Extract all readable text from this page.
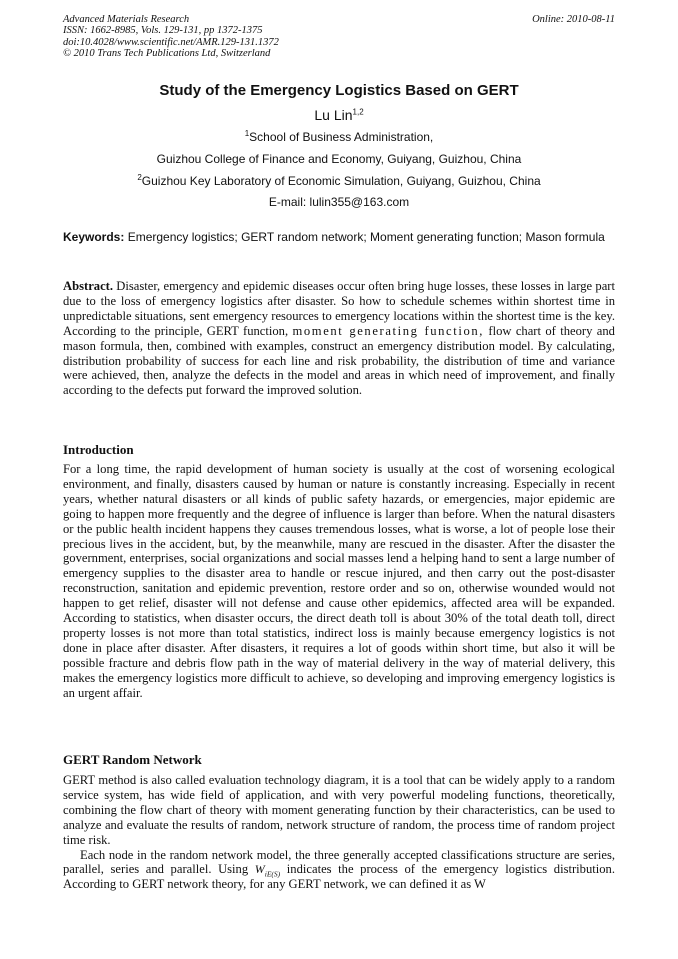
Advanced Materials Research
ISSN: 1662-8985, Vols. 129-131, pp 1372-1375
doi:10.4028/www.scientific.net/AMR.129-131.1372
© 2010 Trans Tech Publications Ltd, Switzerland
Online: 2010-08-11
Study of the Emergency Logistics Based on GERT
Lu Lin$^{1,2}$
$^1$School of Business Administration,
Guizhou College of Finance and Economy, Guiyang, Guizhou, China
$^2$Guizhou Key Laboratory of Economic Simulation, Guiyang, Guizhou, China
E-mail: lulin355@163.com
Keywords: Emergency logistics; GERT random network; Moment generating function; Mason formula
Abstract. Disaster, emergency and epidemic diseases occur often bring huge losses, these losses in large part due to the loss of emergency logistics after disaster. So how to schedule schemes within shortest time in unpredictable situations, sent emergency resources to emergency locations within the shortest time is the key. According to the principle, GERT function, moment generating function, flow chart of theory and mason formula, then, combined with examples, construct an emergency distribution model. By calculating, distribution probability of success for each line and risk probability, the distribution of time and variance were achieved, then, analyze the defects in the model and areas in which need of improvement, and finally according to the defects put forward the improved solution.
Introduction
For a long time, the rapid development of human society is usually at the cost of worsening ecological environment, and finally, disasters caused by human or nature is constantly increasing. Especially in recent years, whether natural disasters or all kinds of public safety hazards, or emergencies, major epidemic are going to happen more frequently and the degree of influence is larger than before. When the natural disasters or the public health incident happens they causes tremendous losses, what is worse, a lot of people lose their precious lives in the accident, but, by the meanwhile, many are rescued in the disaster. After the disaster the government, enterprises, social organizations and social masses lend a helping hand to sent a large number of emergency supplies to the disaster area to handle or rescue injured, and then carry out the post-disaster reconstruction, sanitation and epidemic prevention, restore order and so on, otherwise wounded would not happen to get relief, disaster will not defense and cause other epidemics, affected area will be expanded. According to statistics, when disaster occurs, the direct death toll is about 30% of the total death toll, direct property losses is not more than total statistics, indirect loss is mainly because emergency logistics is not done in place after disaster. After disasters, it requires a lot of goods within short time, but also it will be possible fracture and debris flow path in the way of material delivery in the way of material delivery, this makes the emergency logistics more difficult to achieve, so developing and improving emergency logistics is an urgent affair.
GERT Random Network
GERT method is also called evaluation technology diagram, it is a tool that can be widely apply to a random service system, has wide field of application, and with very powerful modeling functions, theoretically, combining the flow chart of theory with moment generating function by their characteristics, can be used to analyze and evaluate the results of random, network structure of random, the process time of random project time risk.
Each node in the random network model, the three generally accepted classifications structure are series, parallel, series and parallel. Using $W_{iE(S)}$ indicates the process of the emergency logistics distribution. According to GERT network theory, for any GERT network, we can defined it as W
